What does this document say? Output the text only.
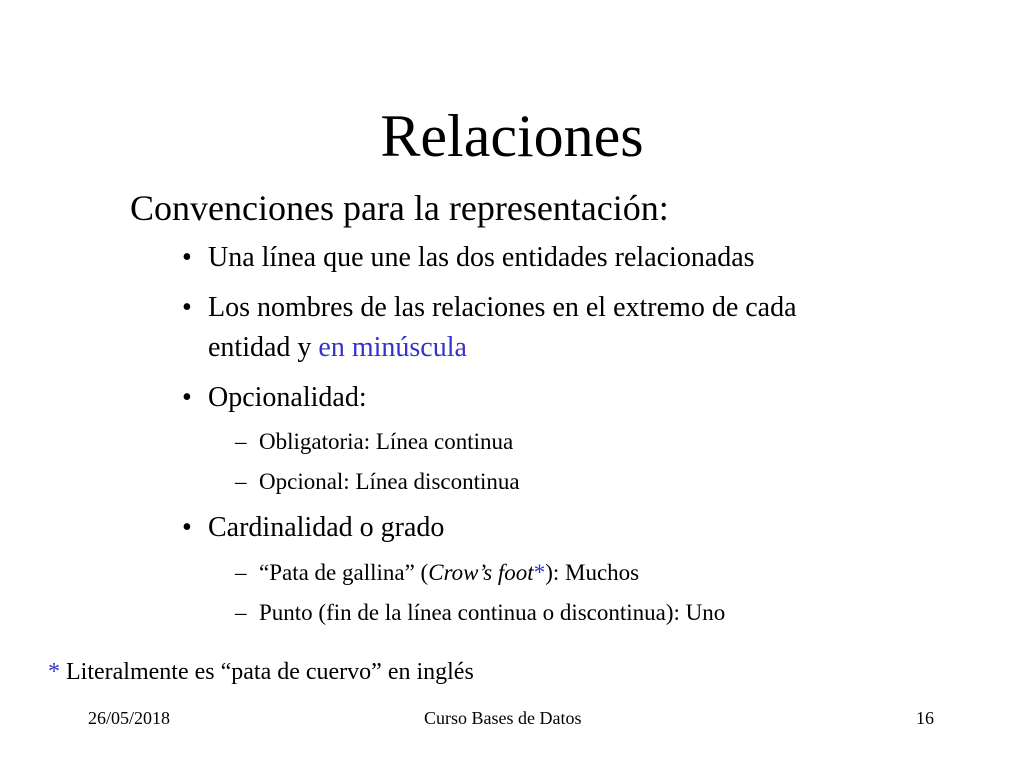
Relaciones
Convenciones para la representación:
• Una línea que une las dos entidades relacionadas
• Los nombres de las relaciones en el extremo de cada
entidad y en minúscula
• Opcionalidad:
– Obligatoria: Línea continua
– Opcional: Línea discontinua
• Cardinalidad o grado
– “Pata de gallina” (Crow’s foot*): Muchos
– Punto (fin de la línea continua o discontinua): Uno
* Literalmente es “pata de cuervo” en inglés
26/05/2018	Curso Bases de Datos	16
